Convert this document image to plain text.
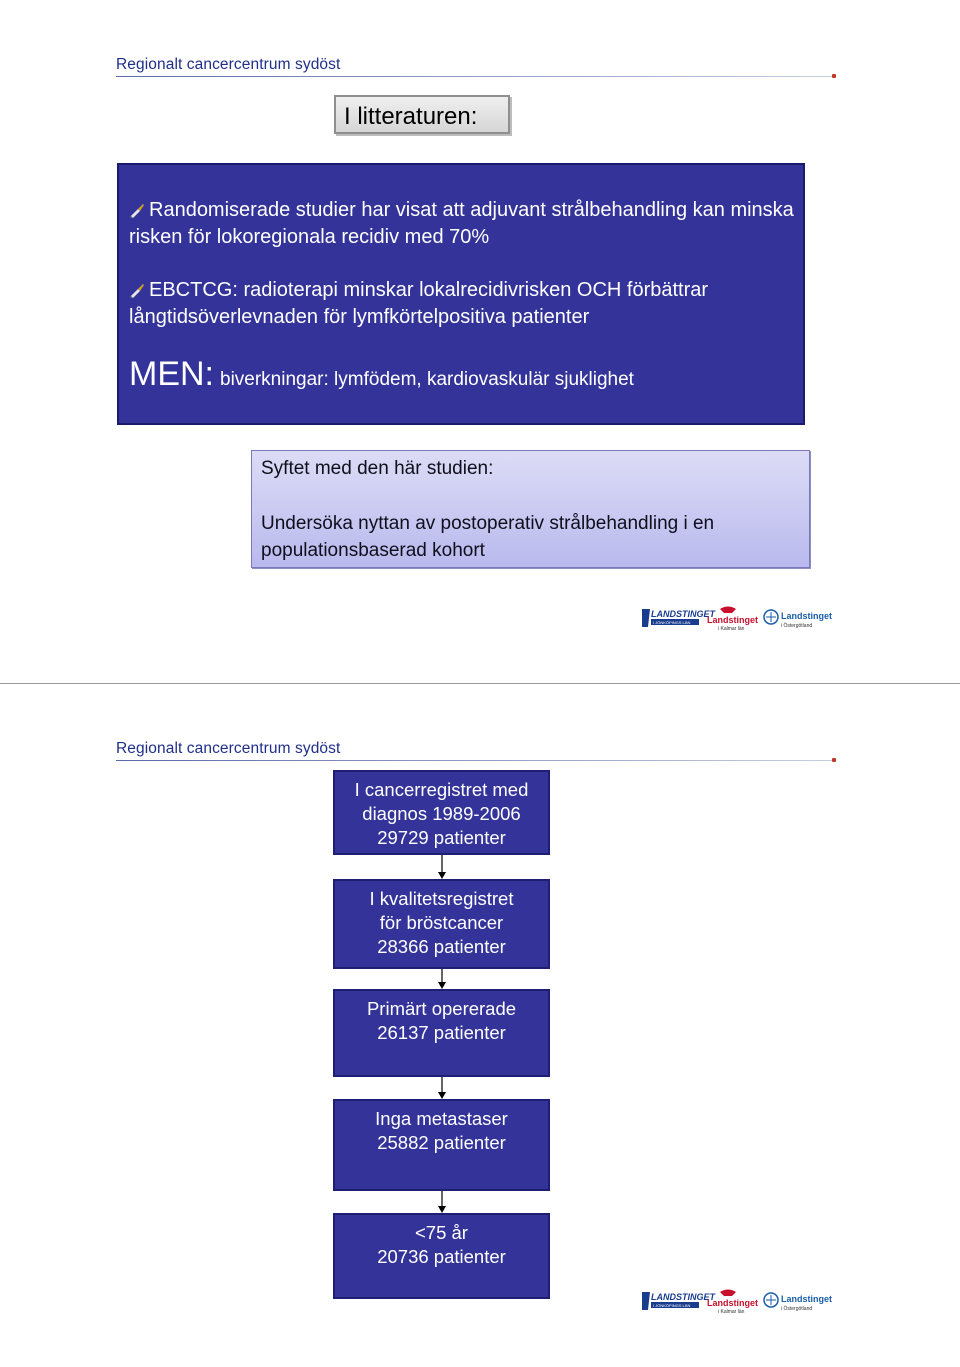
Regionalt cancercentrum sydöst
I litteraturen:
Randomiserade studier har visat att adjuvant strålbehandling kan minska risken för lokoregionala recidiv med 70%
EBCTCG: radioterapi minskar lokalrecidivrisken OCH förbättrar långtidsöverlevnaden för lymfkörtelpositiva patienter
MEN: biverkningar: lymfödem, kardiovaskulär sjuklighet
Syftet med den här studien:
Undersöka nyttan av postoperativ strålbehandling i en populationsbaserad kohort
LANDSTINGET
I JÖNKÖPINGS LÄN Landstinget
i Kalmar län
Landstinget
i Östergötland
Regionalt cancercentrum sydöst
I cancerregistret med
diagnos 1989-2006
29729 patienter
I kvalitetsregistret
för bröstcancer
28366 patienter
Primärt opererade
26137 patienter
Inga metastaser
25882 patienter
<75 år
20736 patienter
LANDSTINGET
I JÖNKÖPINGS LÄN Landstinget
i Kalmar län
Landstinget
i Östergötland
